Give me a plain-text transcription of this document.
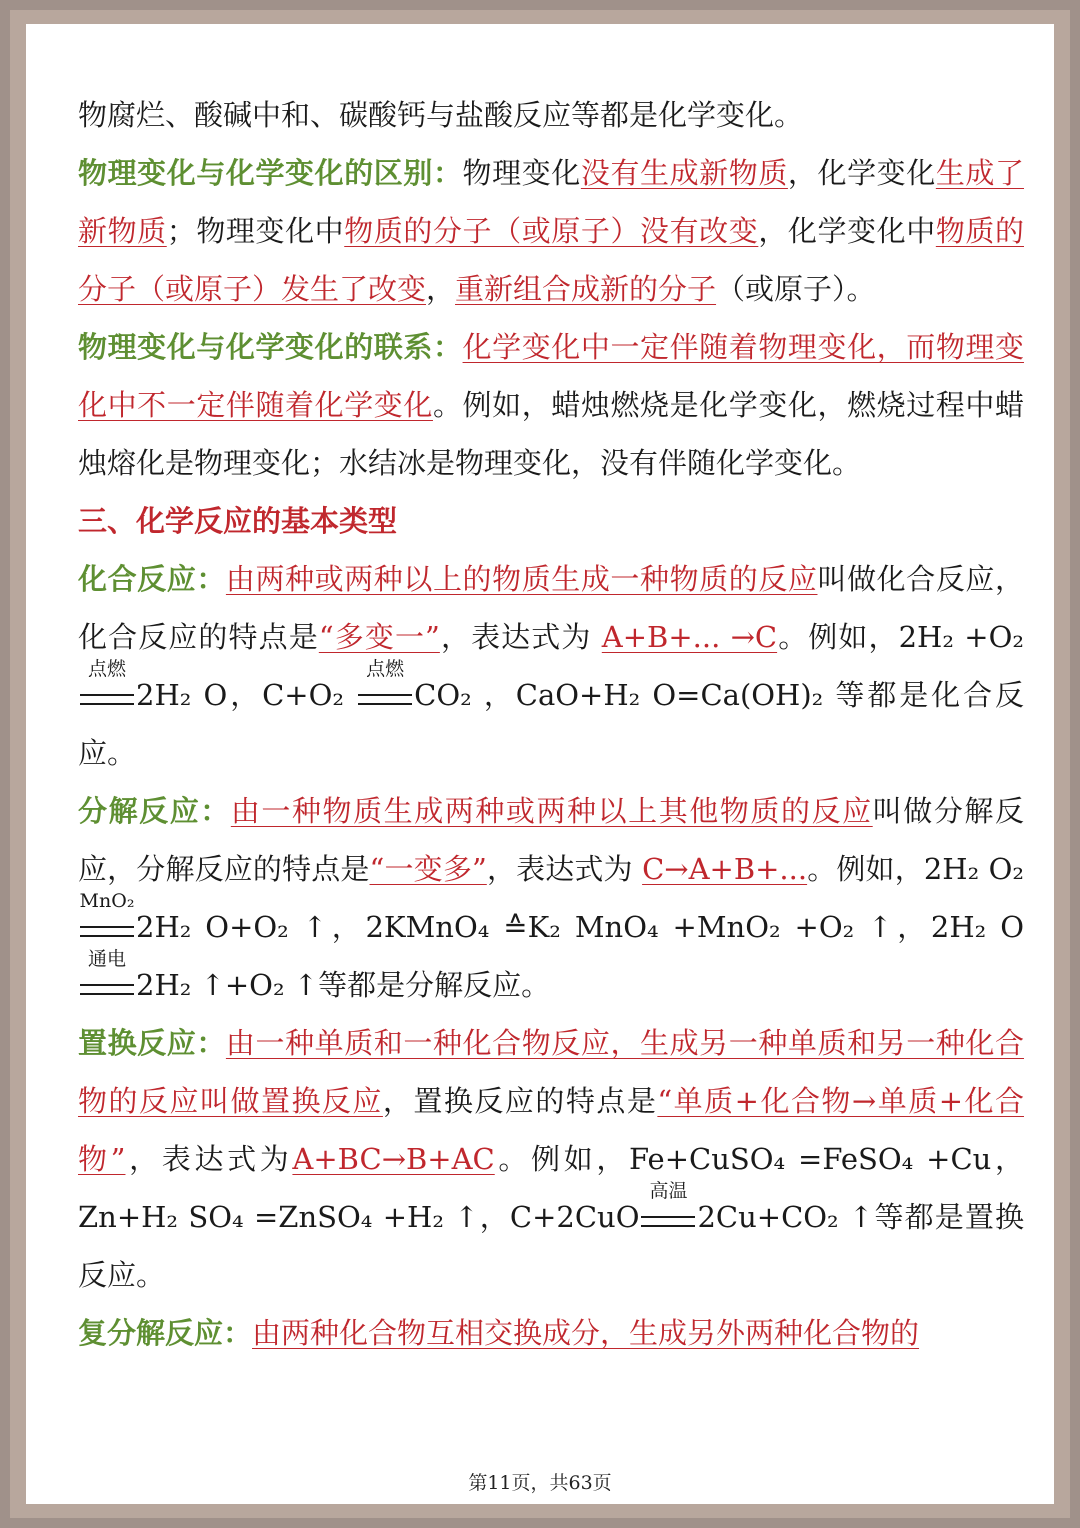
物腐烂、酸碱中和、碳酸钙与盐酸反应等都是化学变化。

物理变化与化学变化的区别：物理变化没有生成新物质，化学变化生成了新物质；物理变化中物质的分子（或原子）没有改变，化学变化中物质的分子（或原子）发生了改变，重新组合成新的分子（或原子）。

物理变化与化学变化的联系：化学变化中一定伴随着物理变化，而物理变化中不一定伴随着化学变化。例如，蜡烛燃烧是化学变化，燃烧过程中蜡烛熔化是物理变化；水结冰是物理变化，没有伴随化学变化。

三、化学反应的基本类型

化合反应：由两种或两种以上的物质生成一种物质的反应叫做化合反应，化合反应的特点是“多变一”，表达式为 A+B+... →C。例如，2H₂ +O₂
点燃
2H₂ O，C+O₂
点燃
CO₂ ，CaO+H₂ O=Ca(OH)₂ 等都是化合反应。

分解反应：由一种物质生成两种或两种以上其他物质的反应叫做分解反应，分解反应的特点是“一变多”，表达式为 C→A+B+...。例如，2H₂ O₂
MnO₂
2H₂ O+O₂ ↑，2KMnO₄ ≙K₂ MnO₄ +MnO₂ +O₂ ↑，2H₂ O
通电
2H₂ ↑+O₂ ↑等都是分解反应。

置换反应：由一种单质和一种化合物反应，生成另一种单质和另一种化合物的反应叫做置换反应，置换反应的特点是“单质+化合物→单质+化合物”，表达式为A+BC→B+AC。例如，Fe+CuSO₄ =FeSO₄ +Cu，Zn+H₂ SO₄ =ZnSO₄ +H₂ ↑，C+2CuO
高温
2Cu+CO₂ ↑等都是置换反应。

复分解反应：由两种化合物互相交换成分，生成另外两种化合物的

第11页，共63页
